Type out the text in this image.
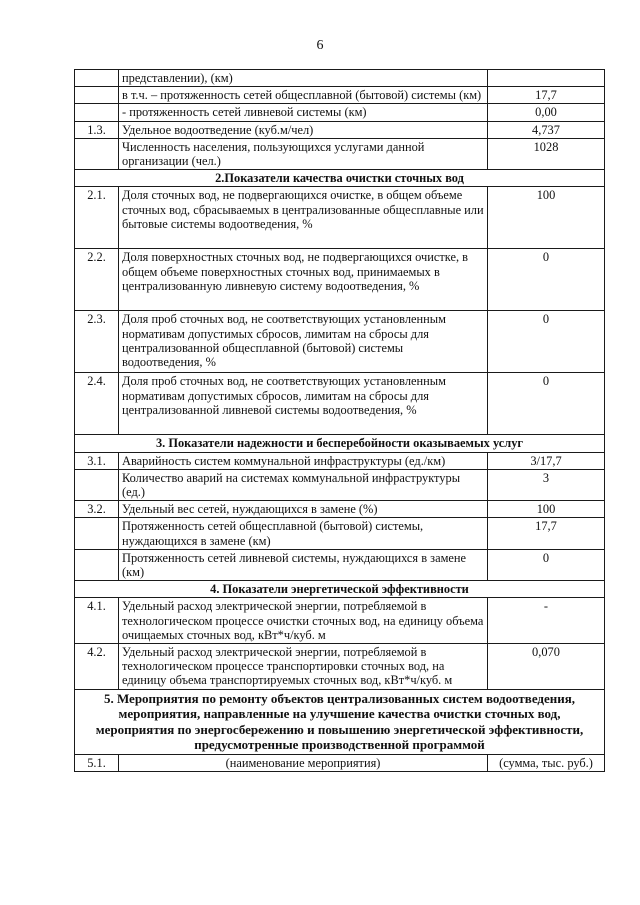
6
	представлении), (км)	
	в т.ч. – протяженность сетей общесплавной (бытовой) системы (км)	17,7
	- протяженность сетей ливневой системы (км)	0,00
1.3.	Удельное водоотведение (куб.м/чел)	4,737
	Численность населения, пользующихся услугами данной организации (чел.)	1028
2.Показатели качества очистки сточных вод		
2.1.	Доля сточных вод, не подвергающихся очистке, в общем объеме сточных вод, сбрасываемых в централизованные общесплавные или бытовые системы водоотведения, %	100
2.2.	Доля поверхностных сточных вод, не подвергающихся очистке, в общем объеме поверхностных сточных вод, принимаемых в централизованную ливневую систему водоотведения, %	0
2.3.	Доля проб сточных вод, не соответствующих установленным нормативам допустимых сбросов, лимитам на сбросы для централизованной общесплавной (бытовой) системы водоотведения, %	0
2.4.	Доля проб сточных вод, не соответствующих установленным нормативам допустимых сбросов, лимитам на сбросы для централизованной ливневой системы водоотведения, %	0
3. Показатели надежности и бесперебойности оказываемых услуг		
3.1.	Аварийность систем коммунальной инфраструктуры (ед./км)	3/17,7
	Количество аварий на системах коммунальной инфраструктуры (ед.)	3
3.2.	Удельный вес сетей, нуждающихся в замене (%)	100
	Протяженность сетей общесплавной (бытовой) системы, нуждающихся в замене (км)	17,7
	Протяженность сетей ливневой системы, нуждающихся в замене (км)	0
4. Показатели энергетической эффективности		
4.1.	Удельный расход электрической энергии, потребляемой в технологическом процессе очистки сточных вод, на единицу объема очищаемых сточных вод, кВт*ч/куб. м	-
4.2.	Удельный расход электрической энергии, потребляемой в технологическом процессе транспортировки сточных вод, на единицу объема транспортируемых сточных вод, кВт*ч/куб. м	0,070
5. Мероприятия по ремонту объектов централизованных систем водоотведения, мероприятия, направленные на улучшение качества очистки сточных вод, мероприятия по энергосбережению и повышению энергетической эффективности, предусмотренные производственной программой		
5.1.	(наименование мероприятия)	(сумма, тыс. руб.)
